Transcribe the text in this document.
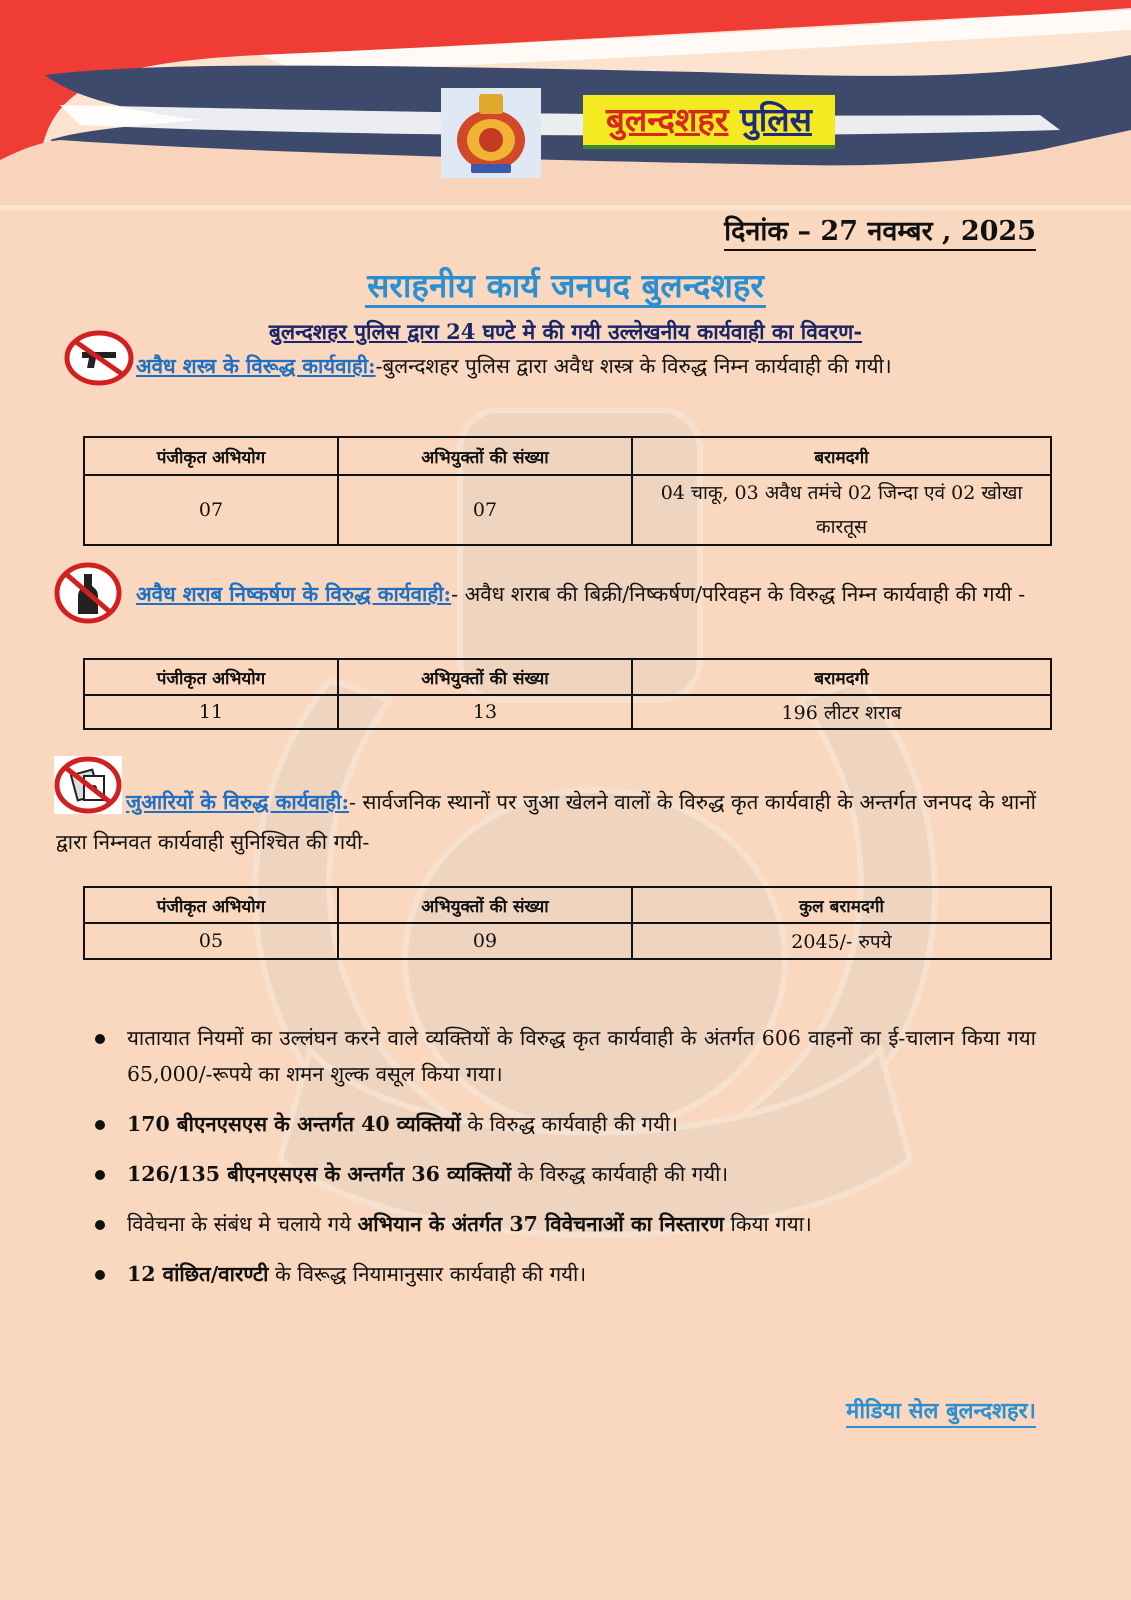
बुलन्दशहर पुलिस
दिनांक – 27 नवम्बर , 2025
सराहनीय कार्य जनपद बुलन्दशहर
बुलन्दशहर पुलिस द्वारा 24 घण्टे मे की गयी उल्लेखनीय कार्यवाही का विवरण-
अवैध शस्त्र के विरूद्ध कार्यवाही:-बुलन्दशहर पुलिस द्वारा अवैध शस्त्र के विरुद्ध निम्न कार्यवाही की गयी।
पंजीकृत अभियोग	अभियुक्तों की संख्या	बरामदगी
07	07	04 चाकू, 03 अवैध तमंचे 02 जिन्दा एवं 02 खोखा कारतूस
अवैध शराब निष्कर्षण के विरुद्ध कार्यवाही:- अवैध शराब की बिक्री/निष्कर्षण/परिवहन के विरुद्ध निम्न कार्यवाही की गयी -
पंजीकृत अभियोग	अभियुक्तों की संख्या	बरामदगी
11	13	196 लीटर शराब
जुआरियों के विरुद्ध कार्यवाही:- सार्वजनिक स्थानों पर जुआ खेलने वालों के विरुद्ध कृत कार्यवाही के अन्तर्गत जनपद के थानों द्वारा निम्नवत कार्यवाही सुनिश्चित की गयी-
पंजीकृत अभियोग	अभियुक्तों की संख्या	कुल बरामदगी
05	09	2045/- रुपये
यातायात नियमों का उल्लंघन करने वाले व्यक्तियों के विरुद्ध कृत कार्यवाही के अंतर्गत 606 वाहनों का ई-चालान किया गया 65,000/-रूपये का शमन शुल्क वसूल किया गया।
170 बीएनएसएस के अन्तर्गत 40 व्यक्तियों के विरुद्ध कार्यवाही की गयी।
126/135 बीएनएसएस के अन्तर्गत 36 व्यक्तियों के विरुद्ध कार्यवाही की गयी।
विवेचना के संबंध मे चलाये गये अभियान के अंतर्गत 37 विवेचनाओं का निस्तारण किया गया।
12 वांछित/वारण्टी के विरूद्ध नियामानुसार कार्यवाही की गयी।
मीडिया सेल बुलन्दशहर।
